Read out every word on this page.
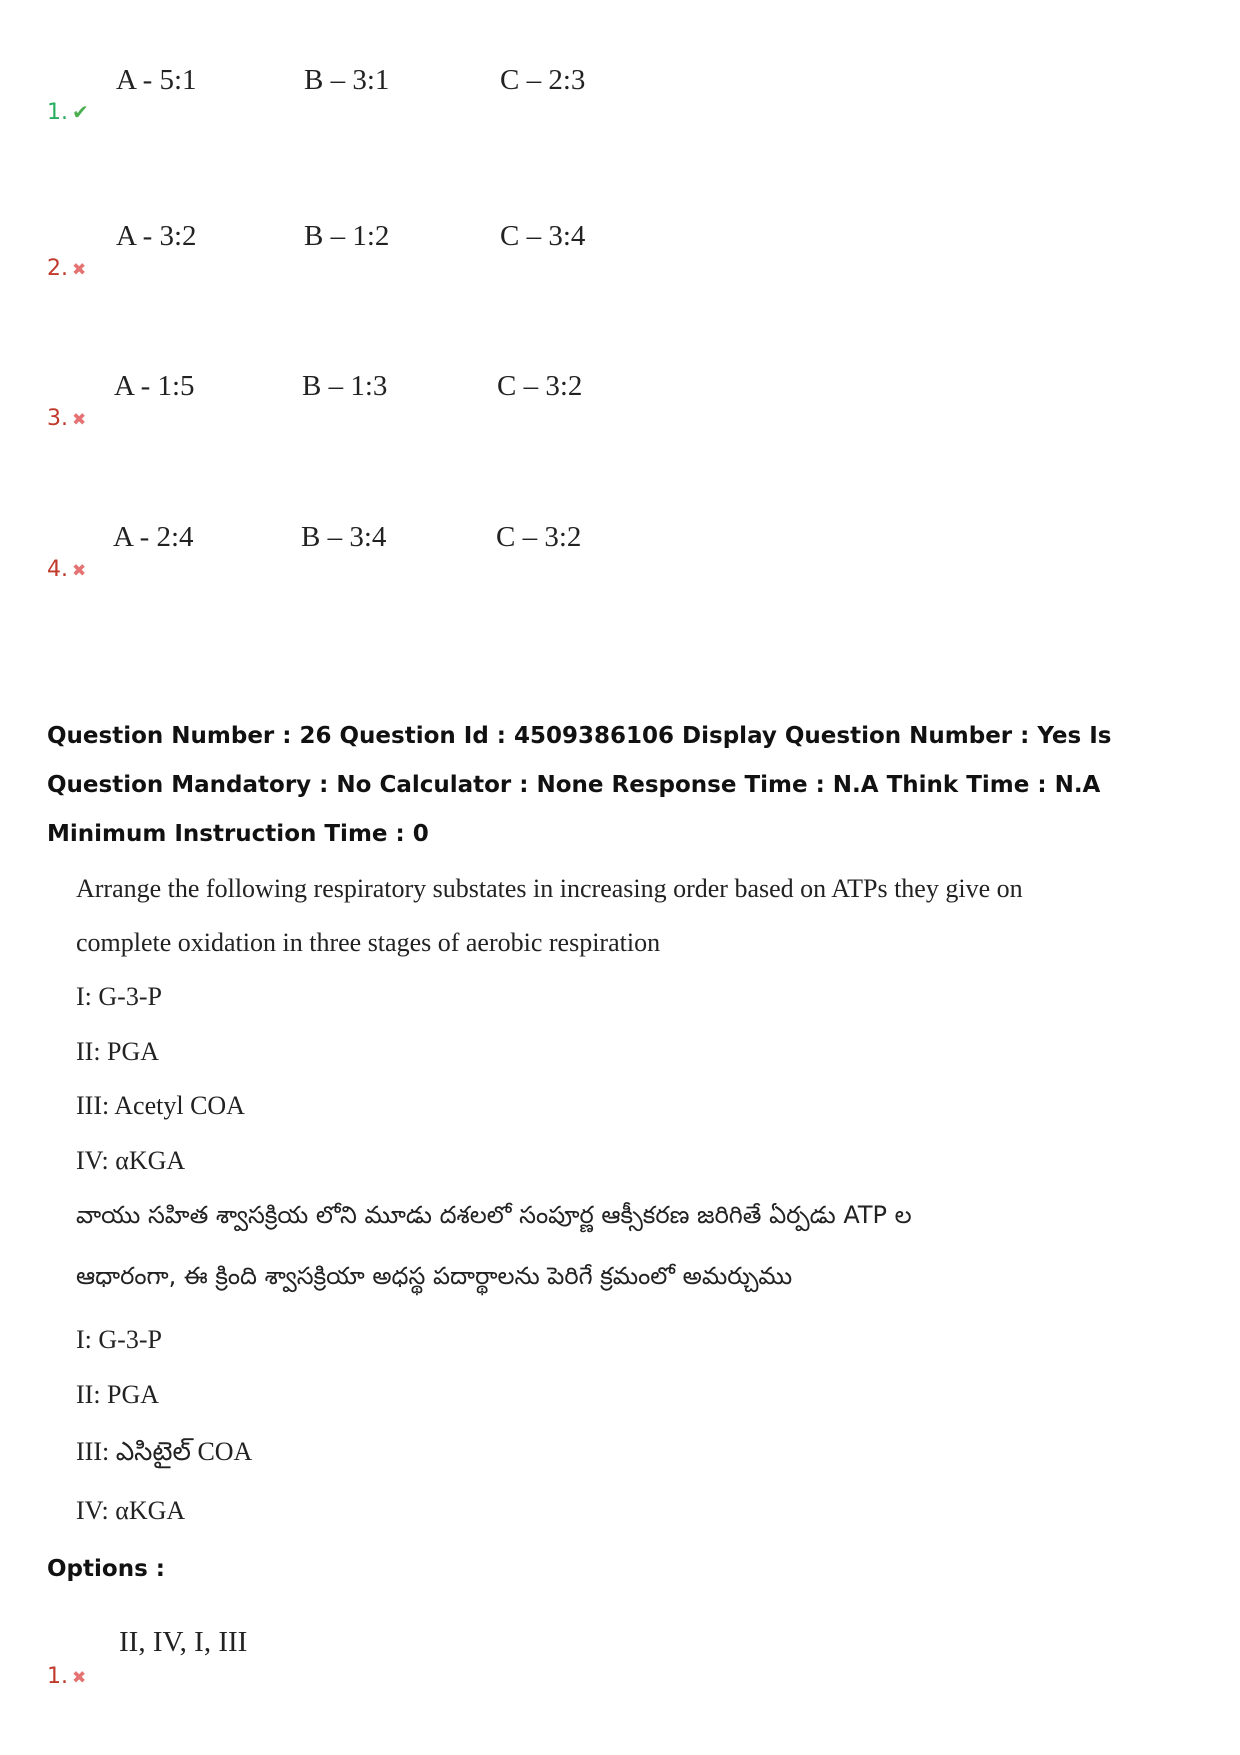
A - 5:1	B – 3:1	C – 2:3
1. ✔
A - 3:2	B – 1:2	C – 3:4
2. ✖
A - 1:5	B – 1:3	C – 3:2
3. ✖
A - 2:4	B – 3:4	C – 3:2
4. ✖
Question Number : 26 Question Id : 4509386106 Display Question Number : Yes Is Question Mandatory : No Calculator : None Response Time : N.A Think Time : N.A Minimum Instruction Time : 0
Arrange the following respiratory substates in increasing order based on ATPs they give on
complete oxidation in three stages of aerobic respiration
I: G-3-P
II: PGA
III: Acetyl COA
IV: αKGA
వాయు సహిత శ్వాసక్రియ లోని మూడు దశలలో సంపూర్ణ ఆక్సీకరణ జరిగితే ఏర్పడు ATP ల
ఆధారంగా, ఈ క్రింది శ్వాసక్రియా అధస్థ పదార్థాలను పెరిగే క్రమంలో అమర్చుము
I: G-3-P
II: PGA
III: ఎసిటైల్ COA
IV: αKGA
Options :
II, IV, I, III
1. ✖
